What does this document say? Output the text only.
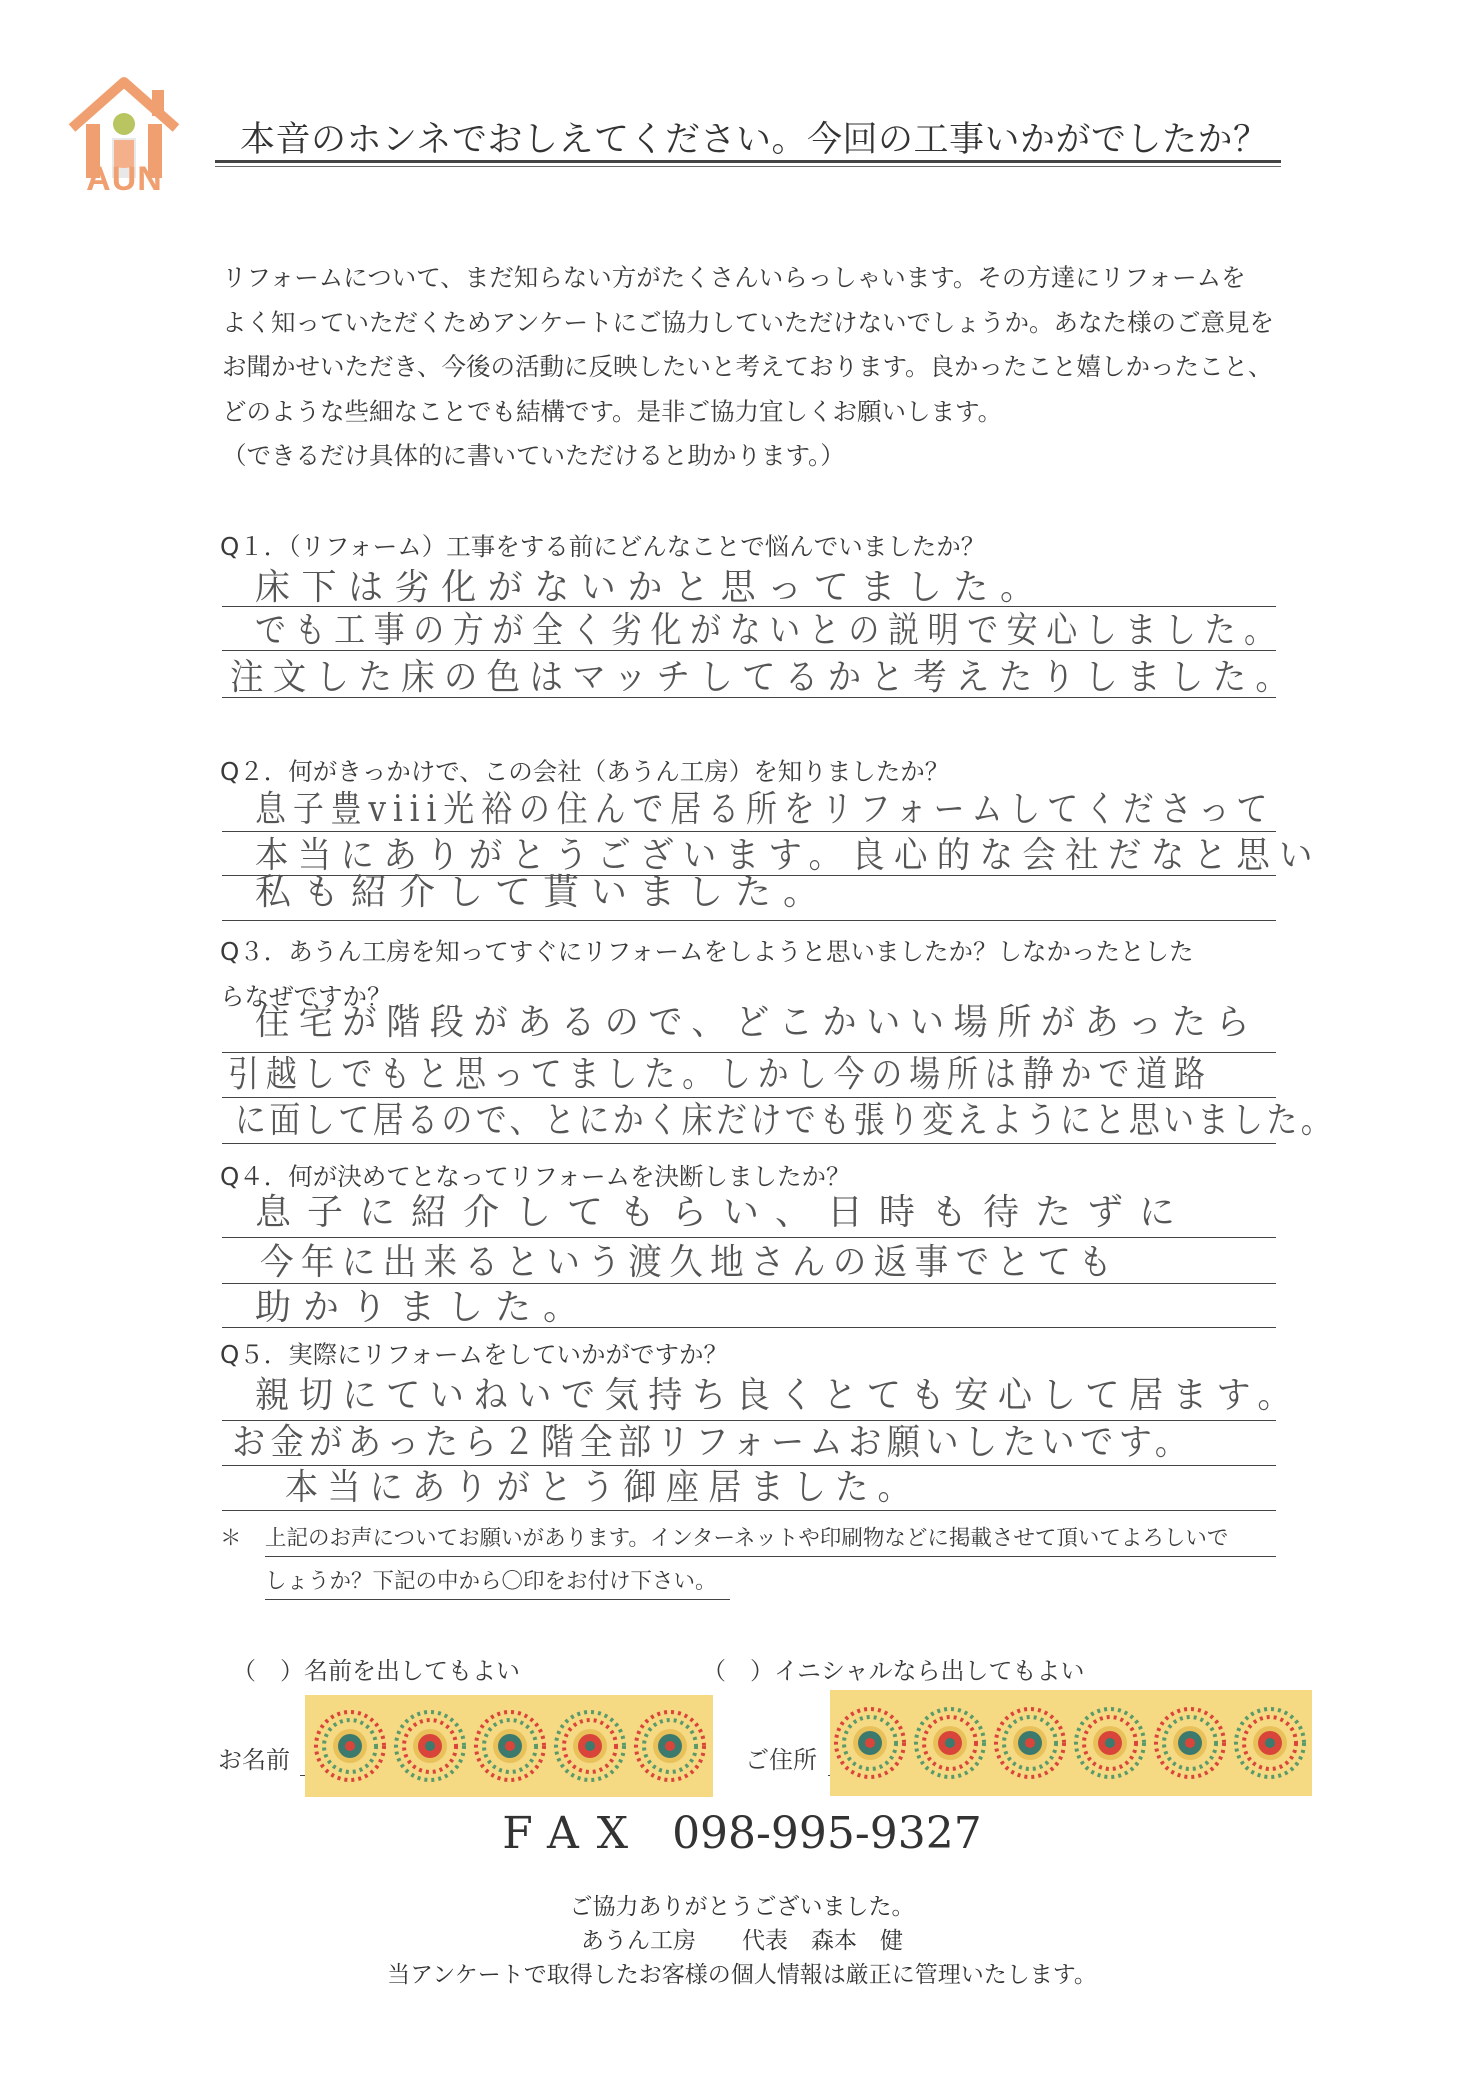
AUN
本音のホンネでおしえてください。今回の工事いかがでしたか？
リフォームについて、まだ知らない方がたくさんいらっしゃいます。その方達にリフォームを
よく知っていただくためアンケートにご協力していただけないでしょうか。あなた様のご意見を
お聞かせいただき、今後の活動に反映したいと考えております。良かったこと嬉しかったこと、
どのような些細なことでも結構です。是非ご協力宜しくお願いします。
（できるだけ具体的に書いていただけると助かります。）
Q１．（リフォーム）工事をする前にどんなことで悩んでいましたか？
床下は劣化がないかと思ってました。
でも工事の方が全く劣化がないとの説明で安心しました。
注文した床の色はマッチしてるかと考えたりしました。
Q２．何がきっかけで、この会社（あうん工房）を知りましたか？
息子豊viii光裕の住んで居る所をリフォームしてくださって
本当にありがとうございます。良心的な会社だなと思い
私も紹介して貰いました。
Q３．あうん工房を知ってすぐにリフォームをしようと思いましたか？しなかったとした
らなぜですか？
住宅が階段があるので、どこかいい場所があったら
引越しでもと思ってました。しかし今の場所は静かで道路
に面して居るので、とにかく床だけでも張り変えようにと思いました。
Q４．何が決めてとなってリフォームを決断しましたか？
息子に紹介してもらい、日時も待たずに
今年に出来るという渡久地さんの返事でとても
助かりました。
Q５．実際にリフォームをしていかがですか？
親切にていねいで気持ち良くとても安心して居ます。
お金があったら２階全部リフォームお願いしたいです。
本当にありがとう御座居ました。
＊ 上記のお声についてお願いがあります。インターネットや印刷物などに掲載させて頂いてよろしいで
しょうか？下記の中から〇印をお付け下さい。
（　）名前を出してもよい	（　）イニシャルなら出してもよい
お名前	ご住所
FAX 098-995-9327
ご協力ありがとうございました。
あうん工房　　代表　森本　健
当アンケートで取得したお客様の個人情報は厳正に管理いたします。
